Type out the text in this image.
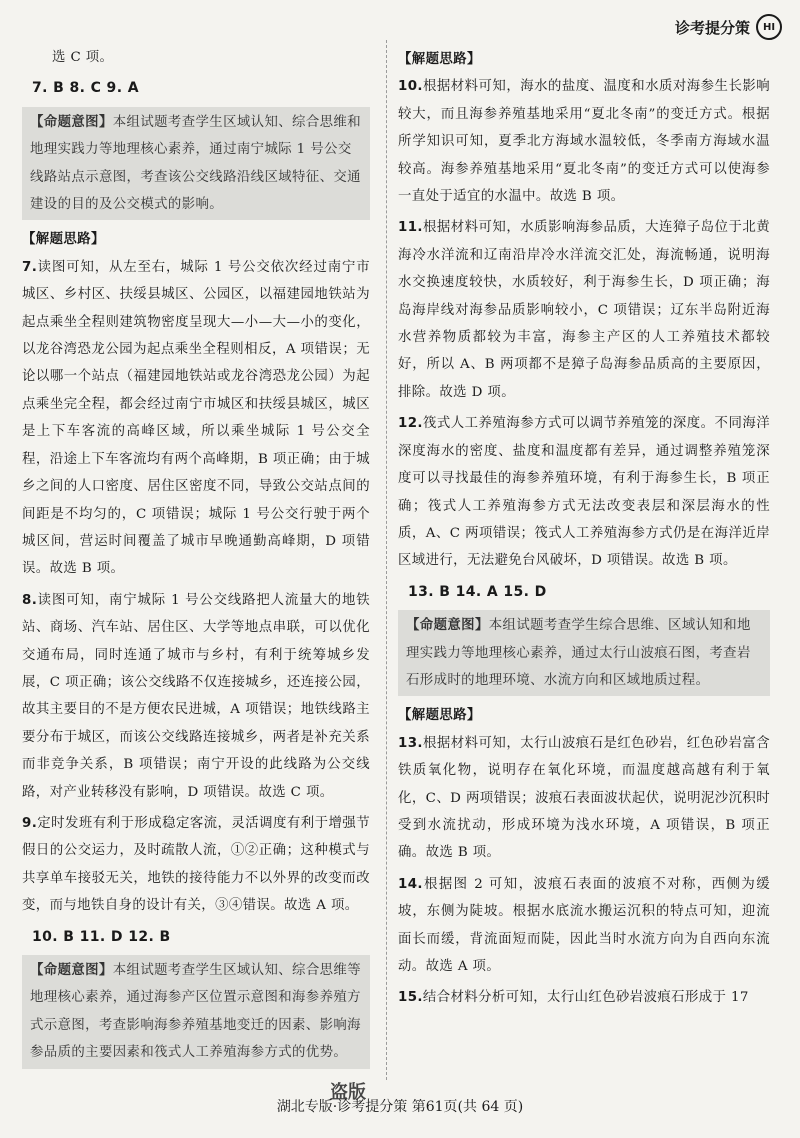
诊考提分策	HI

选 C 项。

7. B 8. C 9. A
【命题意图】本组试题考查学生区域认知、综合思维和地理实践力等地理核心素养，通过南宁城际 1 号公交线路站点示意图，考查该公交线路沿线区域特征、交通建设的目的及公交模式的影响。
【解题思路】

7.读图可知，从左至右，城际 1 号公交依次经过南宁市城区、乡村区、扶绥县城区、公园区，以福建园地铁站为起点乘坐全程则建筑物密度呈现大—小—大—小的变化，以龙谷湾恐龙公园为起点乘坐全程则相反，A 项错误；无论以哪一个站点（福建园地铁站或龙谷湾恐龙公园）为起点乘坐完全程，都会经过南宁市城区和扶绥县城区，城区是上下车客流的高峰区域，所以乘坐城际 1 号公交全程，沿途上下车客流均有两个高峰期，B 项正确；由于城乡之间的人口密度、居住区密度不同，导致公交站点间的间距是不均匀的，C 项错误；城际 1 号公交行驶于两个城区间，营运时间覆盖了城市早晚通勤高峰期，D 项错误。故选 B 项。

8.读图可知，南宁城际 1 号公交线路把人流量大的地铁站、商场、汽车站、居住区、大学等地点串联，可以优化交通布局，同时连通了城市与乡村，有利于统筹城乡发展，C 项正确；该公交线路不仅连接城乡，还连接公园，故其主要目的不是方便农民进城，A 项错误；地铁线路主要分布于城区，而该公交线路连接城乡，两者是补充关系而非竞争关系，B 项错误；南宁开设的此线路为公交线路，对产业转移没有影响，D 项错误。故选 C 项。

9.定时发班有利于形成稳定客流，灵活调度有利于增强节假日的公交运力，及时疏散人流，①②正确；这种模式与共享单车接驳无关，地铁的接待能力不以外界的改变而改变，而与地铁自身的设计有关，③④错误。故选 A 项。

10. B 11. D 12. B
【命题意图】本组试题考查学生区域认知、综合思维等地理核心素养，通过海参产区位置示意图和海参养殖方式示意图，考查影响海参养殖基地变迁的因素、影响海参品质的主要因素和筏式人工养殖海参方式的优势。
【解题思路】

10.根据材料可知，海水的盐度、温度和水质对海参生长影响较大，而且海参养殖基地采用“夏北冬南”的变迁方式。根据所学知识可知，夏季北方海域水温较低，冬季南方海域水温较高。海参养殖基地采用“夏北冬南”的变迁方式可以使海参一直处于适宜的水温中。故选 B 项。

11.根据材料可知，水质影响海参品质，大连獐子岛位于北黄海冷水洋流和辽南沿岸冷水洋流交汇处，海流畅通，说明海水交换速度较快，水质较好，利于海参生长，D 项正确；海岛海岸线对海参品质影响较小，C 项错误；辽东半岛附近海水营养物质都较为丰富，海参主产区的人工养殖技术都较好，所以 A、B 两项都不是獐子岛海参品质高的主要原因，排除。故选 D 项。

12.筏式人工养殖海参方式可以调节养殖笼的深度。不同海洋深度海水的密度、盐度和温度都有差异，通过调整养殖笼深度可以寻找最佳的海参养殖环境，有利于海参生长，B 项正确；筏式人工养殖海参方式无法改变表层和深层海水的性质，A、C 两项错误；筏式人工养殖海参方式仍是在海洋近岸区域进行，无法避免台风破坏，D 项错误。故选 B 项。

13. B 14. A 15. D
【命题意图】本组试题考查学生综合思维、区域认知和地理实践力等地理核心素养，通过太行山波痕石图，考查岩石形成时的地理环境、水流方向和区域地质过程。
【解题思路】

13.根据材料可知，太行山波痕石是红色砂岩，红色砂岩富含铁质氧化物，说明存在氧化环境，而温度越高越有利于氧化，C、D 两项错误；波痕石表面波状起伏，说明泥沙沉积时受到水流扰动，形成环境为浅水环境，A 项错误，B 项正确。故选 B 项。

14.根据图 2 可知，波痕石表面的波痕不对称，西侧为缓坡，东侧为陡坡。根据水底流水搬运沉积的特点可知，迎流面长而缓，背流面短而陡，因此当时水流方向为自西向东流动。故选 A 项。

15.结合材料分析可知，太行山红色砂岩波痕石形成于 17

盗版
湖北专版·诊考提分策 第61页(共 64 页)
